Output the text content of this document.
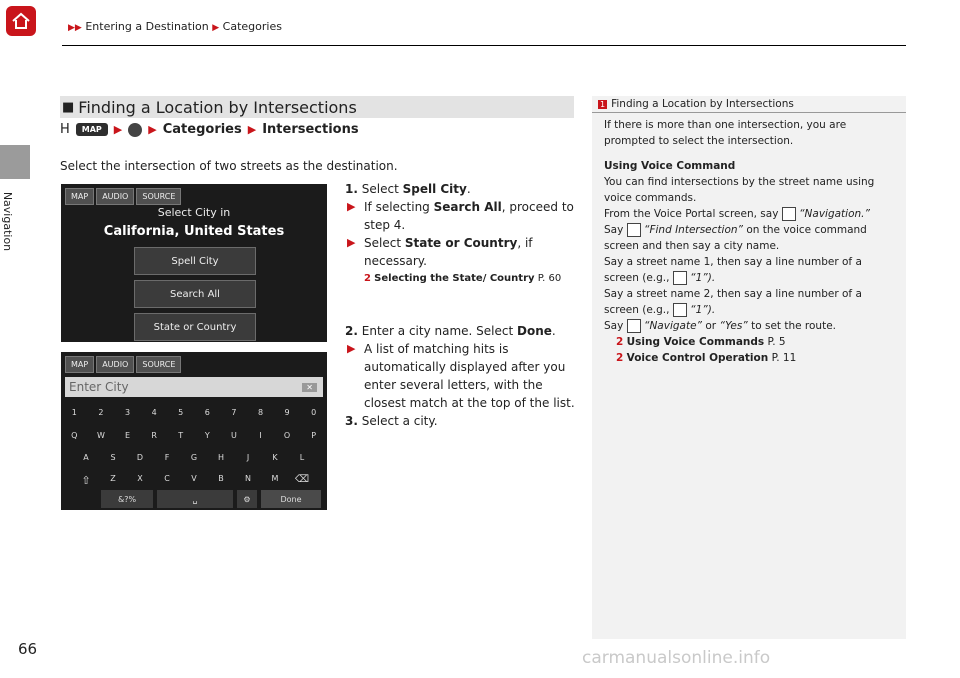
▶▶ Entering a Destination ▶ Categories
Navigation
■ Finding a Location by Intersections
H	MAP	▶ ▶ Categories ▶ Intersections
Select the intersection of two streets as the destination.
MAP	AUDIO	SOURCE
Select City in
California, United States
Spell City
Search All
State or Country
MAP	AUDIO	SOURCE
Enter City	✕
1	2	3	4	5	6	7	8	9	0
Q	W	E	R	T	Y	U	I	O	P
A	S	D	F	G	H	J	K	L
⇧	Z	X	C	V	B	N	M	⌫
&?%	␣	⚙	Done
1. Select Spell City.
▶ If selecting Search All, proceed to step 4.
▶ Select State or Country, if necessary.
2 Selecting the State/ Country P. 60
2. Enter a city name. Select Done.
▶ A list of matching hits is automatically displayed after you enter several letters, with the closest match at the top of the list.
3. Select a city.
1 Finding a Location by Intersections

If there is more than one intersection, you are prompted to select the intersection.

Using Voice Command

You can find intersections by the street name using voice commands.

From the Voice Portal screen, say “Navigation.”

Say “Find Intersection” on the voice command screen and then say a city name.

Say a street name 1, then say a line number of a screen (e.g., “1”).

Say a street name 2, then say a line number of a screen (e.g., “1”).

Say “Navigate” or “Yes” to set the route.

2 Using Voice Commands P. 5

2 Voice Control Operation P. 11

66	carmanualsonline.info
